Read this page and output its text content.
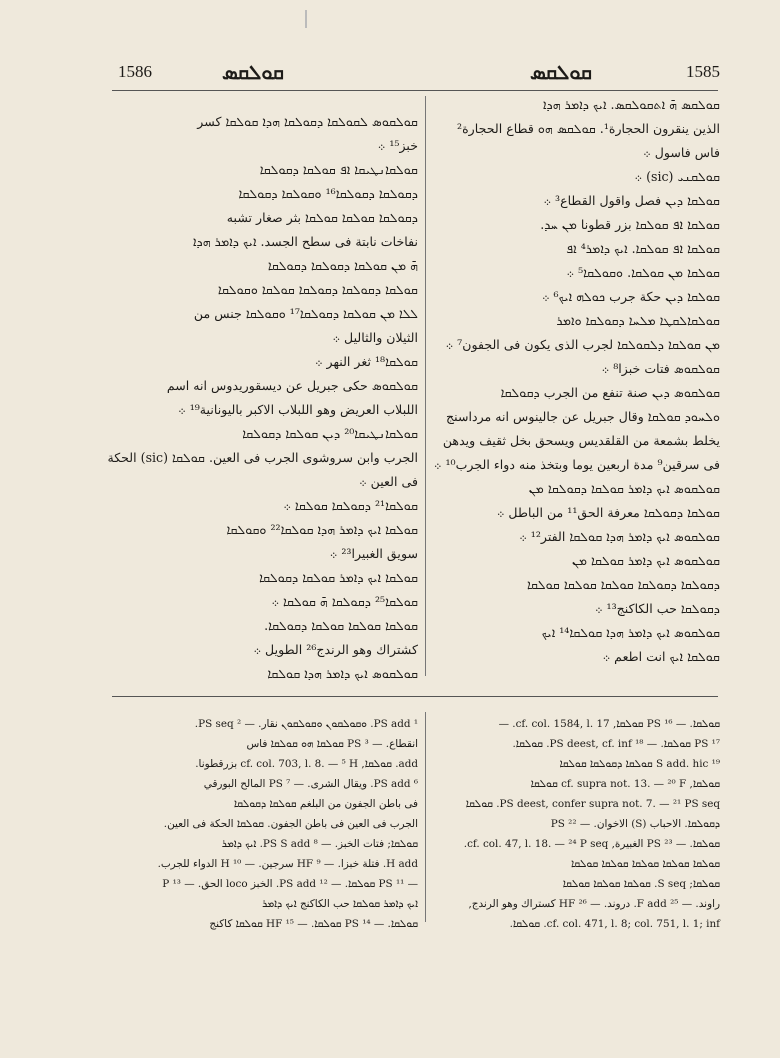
1586	ܩܘܠܩܣ	ܩܘܠܩܣ	1585
ܩܘܠܩܣ ܗ̄ ܐܬܩܘܠܩܣ. ܐܝܟ ܕܐܡܪ ܗܕܐ
الذين ينقرون الحجارة¹. ܩܘܠܩܣ ܗܘ قطاع الحجارة²
فاس فاسول ܀
ܩܘܠܩܢܝ (sic) ܀
ܩܘܠܩܐ ܕܝܢ فصل واقول القطاع³ ܀
ܩܘܠܩܐ ܐܦ ܩܘܠܩܐ بزر قطونا ܡܢ ܚܕ.
ܩܘܠܩܐ ܐܦ ܩܘܠܩܐ. ܐܝܟ ܕܐܡܪ⁴ ܐܦ
ܩܘܠܩܐ ܡܢ ܩܘܠܩܐ. ܘܩܘܠܩܐ⁵ ܀
ܩܘܠܩܐ ܕܝܢ حكة جرب ܟܘܠܗ ܐܝܟ⁶ ܀
ܩܘܠܩܐܠܩܛܐ ܡܠܚܐ ܕܩܘܠܩܐ ܘܐܡܪ
ܡܢ ܩܘܠܩܐ ܕܠܩܘܠܩܐ لجرب الذى يكون فى الجفون⁷ ܀
ܩܘܠܩܘܣ فتات خبزا⁸ ܀
ܩܘܠܩܘܣ ܕܝܢ صنة تنفع من الجرب ܕܩܘܠܩܐ
ܘܠܚܘܕ ܩܘܠܩܐ وقال جبريل عن جالينوس انه مرداسنج
يخلط بشمعة من القلقديس ويسحق بخل ثقيف ويدهن
فى سرقين⁹ مدة اربعين يوما وبتخذ منه دواء الجرب¹⁰ ܀
ܩܘܠܩܘܣ ܐܝܟ ܕܐܡܪ ܩܘܠܩܐ ܕܩܘܠܩܐ ܡܢ
ܩܘܠܩܐ ܕܩܘܠܩܐ معرفة الحق¹¹ من الباطل ܀
ܩܘܠܩܘܣ ܐܝܟ ܕܐܡܪ ܗܕܐ ܩܘܠܩܐ الفتر¹² ܀
ܩܘܠܩܘܣ ܐܝܟ ܕܐܡܪ ܩܘܠܩܐ ܡܢ
ܕܩܘܠܩܐ ܕܩܘܠܩܐ ܩܘܠܩܐ ܩܘܠܩܐ ܩܘܠܩܐ
ܕܩܘܠܩܐ حب الكاكنج¹³ ܀
ܩܘܠܩܘܣ ܐܝܟ ܕܐܡܪ ܗܕܐ ܩܘܠܩܐ¹⁴ ܐܝܟ
ܩܘܠܩܐ ܐܝܟ انت اطعم ܀
ܩܘܠܩܘܣ ܠܩܘܠܩܐ ܕܩܘܠܩܐ ܗܕܐ ܩܘܠܩܐ كسر
خبز¹⁵ ܀
ܩܘܠܩܐܢܛܝܩܐ ܐܦ ܩܘܠܩܐ ܕܩܘܠܩܐ
ܕܩܘܠܩܐ ܕܩܘܠܩܐ¹⁶ ܘܩܘܠܩܐ ܕܩܘܠܩܐ
ܕܩܘܠܩܐ ܩܘܠܩܐ ܩܘܠܩܐ بثر صغار تشبه
نفاخات نابتة فى سطح الجسد. ܐܝܟ ܕܐܡܪ ܗܕܐ
ܗ̄ ܡܢ ܩܘܠܩܐ ܕܩܘܠܩܐ ܕܩܘܠܩܐ
ܩܘܠܩܐ ܕܩܘܠܩܐ ܕܩܘܠܩܐ ܩܘܠܩܐ ܘܩܘܠܩܐ
ܠܠܐ ܡܢ ܩܘܠܩܐ ܕܩܘܠܩܐ¹⁷ ܘܩܘܠܩܐ جنس من
الثيلان والثاليل ܀
ܩܘܠܩܐ¹⁸ ثغر النهر ܀
ܩܘܠܩܘܣ حكى جبريل عن ديسقوريدوس انه اسم
اللبلاب العريض وهو اللبلاب الاكبر باليونانية¹⁹ ܀
ܩܘܠܩܐܢܛܝܩܐ²⁰ ܕܝܢ ܩܘܠܩܐ ܕܩܘܠܩܐ
الجرب وابن سروشوى الجرب فى العين. ܩܘܠܩܐ (sic) الحكة
فى العين ܀
ܩܘܠܩܐ²¹ ܕܩܘܠܩܐ ܩܘܠܩܐ ܀
ܩܘܠܩܐ ܐܝܟ ܕܐܡܪ ܗܕܐ ܩܘܠܩܐ²² ܘܩܘܠܩܐ
سويق الغبيرا²³ ܀
ܩܘܠܩܐ ܐܝܟ ܕܐܡܪ ܩܘܠܩܐ ܕܩܘܠܩܐ
ܩܘܠܩܐ²⁵ ܕܩܘܠܩܐ ܗ̄ ܩܘܠܩܐ ܀
ܩܘܠܩܐ ܩܘܠܩܐ ܩܘܠܩܐ ܕܩܘܠܩܐ.
كشتراك وهو الرندج²⁶ الطويل ܀
ܩܘܠܩܘܣ ܐܝܟ ܕܐܡܪ ܗܕܐ ܩܘܠܩܐ
ܩܘܠܩܐ. — ¹⁶ PS ܩܘܠܩܐ, cf. col. 1584, l. 17. —
¹⁷ PS ܩܘܠܩܐ. — ¹⁸ PS deest, cf. inf. ܩܘܠܩܐ.
¹⁹ S add. hic ܩܘܠܩܐ ܕܩܘܠܩܐ ܩܘܠܩܐ
ܩܘܠܩܐ, cf. supra not. 13. — ²⁰ F ܩܘܠܩܐ
PS deest, confer supra not. 7. — ²¹ PS seq. ܩܘܠܩܐ
ܕܩܘܠܩܐ. الاحباب (S) الاخوان. — ²² PS
ܩܘܠܩܐ. — ²³ PS الغبيرة, cf. col. 47, l. 18. — ²⁴ P seq.
ܩܘܠܩܐ ܩܘܠܩܐ ܩܘܠܩܐ ܩܘܠܩܐ ܩܘܠܩܐ
ܩܘܠܩܐ; S seq. ܩܘܠܩܐ ܩܘܠܩܐ ܩܘܠܩܐ
راوند. — ²⁵ F add. دروند. — ²⁶ HF كستراك وهو الرندج,
cf. col. 471, l. 8; col. 751, l. 1; inf. ܩܘܠܩܐ.
¹ PS add. ܘܩܘܠܩܘܢ ܘܩܘܠܩܘܢ نقار. — ² PS seq.
انقطاع. — ³ PS ܩܘܠܩܐ ܗܘ ܩܘܠܩܐ فاس
add. ܩܘܠܩܐ, cf. col. 703, l. 8. — ⁵ H بزرقطونا.
⁶ PS add. ويقال الشرى. — ⁷ PS المالح البورقي
فى باطن الجفون من البلغم ܩܘܠܩܐ ܕܩܘܠܩܐ
الجرب فى العين فى باطن الجفون. ܩܘܠܩܐ الحكة فى العين.
ܩܘܠܩܐ; فتات الخبز. — ⁸ PS S add. ܐܝܟ ܕܐܡܪ
H add. فتلة خبزا. — ⁹ HF سرجين. — ¹⁰ H الدواء للجرب.
— ¹¹ PS ܩܘܠܩܐ. — ¹² PS add. الخبز loco الحق. — ¹³ P
ܐܝܟ ܕܐܡܪ ܩܘܠܩܐ حب الكاكنج ܐܝܟ ܕܐܡܪ
ܩܘܠܩܐ. — ¹⁴ PS ܩܘܠܩܐ. — ¹⁵ HF ܩܘܠܩܐ كاكنج
